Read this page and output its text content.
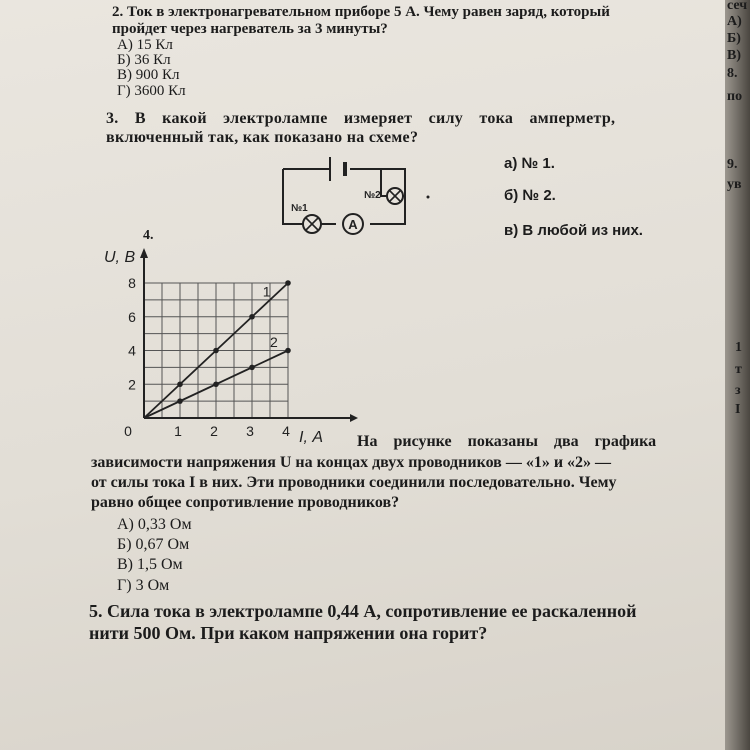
2. Ток в электронагревательном приборе 5 А. Чему равен заряд, который
пройдет через нагреватель за 3 минуты?
А) 15 Кл
Б) 36 Кл
В) 900 Кл
Г) 3600 Кл
3. В какой электролампе измеряет силу тока амперметр,
включенный так, как показано на схеме?
A
№1
№2
а) № 1.
б) № 2.
в) В любой из них.
4.
0	1 2 3 4
2
4
6
8
U, В
I, А
1
2
На рисунке показаны два графика
зависимости напряжения U на концах двух проводников — «1» и «2» —
от силы тока I в них. Эти проводники соединили последовательно. Чему
равно общее сопротивление проводников?
А) 0,33 Ом
Б) 0,67 Ом
В) 1,5 Ом
Г) 3 Ом
5. Сила тока в электролампе 0,44 А, сопротивление ее раскаленной
нити 500 Ом. При каком напряжении она горит?
сеч
А)
Б)
В)
8.
по
9.
ув
1
т
з
I
